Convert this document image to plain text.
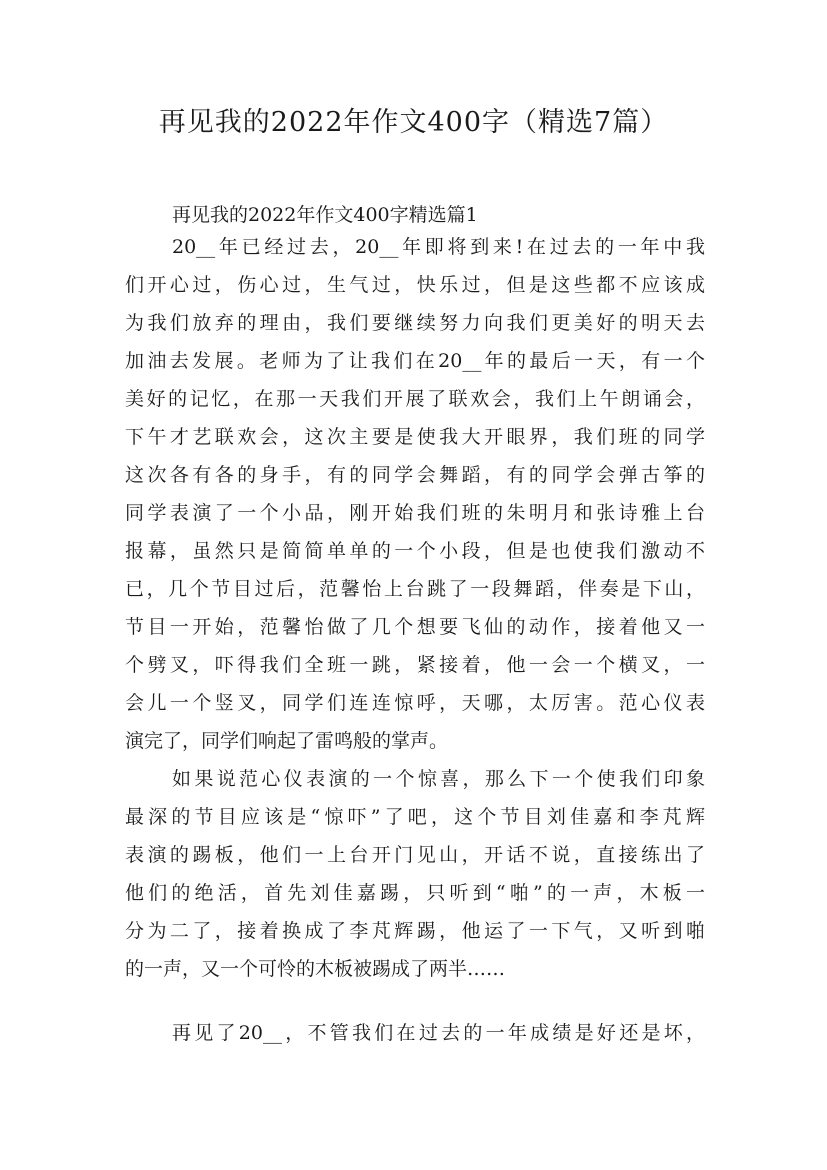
再见我的2022年作文400字（精选7篇）

再见我的2022年作文400字精选篇1

20__年已经过去，20__年即将到来!在过去的一年中我
们开心过，伤心过，生气过，快乐过，但是这些都不应该成
为我们放弃的理由，我们要继续努力向我们更美好的明天去
加油去发展。老师为了让我们在20__年的最后一天，有一个
美好的记忆，在那一天我们开展了联欢会，我们上午朗诵会，
下午才艺联欢会，这次主要是使我大开眼界，我们班的同学
这次各有各的身手，有的同学会舞蹈，有的同学会弹古筝的
同学表演了一个小品，刚开始我们班的朱明月和张诗雅上台
报幕，虽然只是简简单单的一个小段，但是也使我们激动不
已，几个节目过后，范馨怡上台跳了一段舞蹈，伴奏是下山，
节目一开始，范馨怡做了几个想要飞仙的动作，接着他又一
个劈叉，吓得我们全班一跳，紧接着，他一会一个横叉，一
会儿一个竖叉，同学们连连惊呼，天哪，太厉害。范心仪表
演完了，同学们响起了雷鸣般的掌声。
如果说范心仪表演的一个惊喜，那么下一个使我们印象
最深的节目应该是“惊吓”了吧，这个节目刘佳嘉和李芃辉
表演的踢板，他们一上台开门见山，开话不说，直接练出了
他们的绝活，首先刘佳嘉踢，只听到“啪”的一声，木板一
分为二了，接着换成了李芃辉踢，他运了一下气，又听到啪
的一声，又一个可怜的木板被踢成了两半……
再见了20__，不管我们在过去的一年成绩是好还是坏，
